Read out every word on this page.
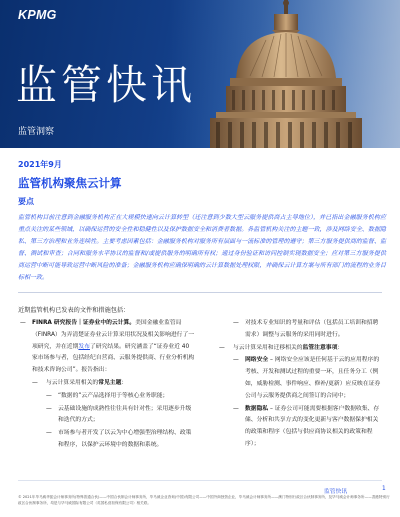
KPMG
监管快讯
监管洞察
2021年9月
监管机构聚焦云计算
要点
监管机构目前注意到金融服务机构正在大规模快速向云计算转型（还注意到少数大型云服务提供商占主导地位），并已指出金融服务机构应重点关注的某些领域，以确保运营的安全性和稳健性以及保护数据安全和消费者数据。各监管机构关注的主题一致，涉及网络安全、数据隐私、第三方治理和业务连续性。主要考虑因素包括：金融服务机构对服务所有层面与一流标准的管理的遵守；第三方服务提供商的监督、监督、测试和审查；合同和服务水平协议的监督和/或提供服务的明确所有权；通过身份验证和访问控制实现数据安全；应对第三方服务提供商运营中断可能导致运营中断风险的准备；金融服务机构应确保明确的云计算数据处理权限，并确保云计算方案与所有部门的流程的业务目标相一致。
近期监管机构已发表的文件和措施包括：
— FINRA 研究报告｜证券业中的云计算。美国金融业监管局（FINRA）为弄清楚证券业云计算采用状况及相关影响进行了一项研究，并在近期发布了研究结果。研究涵盖了“证券业近 40 家市场参与者，包括经纪自营商、云服务提供商、行业分析机构和技术咨询公司”。报告指出：
— 与云计算采用相关的常见主题：
— “数据的”云产品选择用于等核心业务职能；
— 云基础设施的成熟性往往具有针对性；采用逐步升级和迭代的方式；
— 市场参与者开发了以云为中心增强型治理结构、政策和程序，以保护云环境中的数据和系统。
— 对技术专业知识的考量和评估（包括员工培训和招聘需求）调整与云服务的采用同时进行。
— 与云计算采用和迁移相关的监管注意事项：
— 网络安全 – 网络安全应该是任何基于云的应用程序的考核、开发和测试过程的重要一环，且任务分工（例如，威胁检测、事件响应、修补/更新）应反映在证券公司与云服务提供商之间签订的合同中；
— 数据隐私 – 证券公司可能需要根据客户数据收集、存储、分析和共享方式的变化更新与客户数据保护相关的政策和程序（包括与供应商协议相关的政策和程序）；
监管快讯	1
© 2021年毕马威华振会计师事务所(特殊普通合伙)——中国合伙制会计师事务所，毕马威企业咨询(中国)有限公司——中国外商独资企业，毕马威会计师事务所——澳门特别行政区合伙制事务所，及毕马威会计师事务所——香港特别行政区合伙制事务所，均是与毕马威国际有限公司（英国私营担保有限公司）相关联。
